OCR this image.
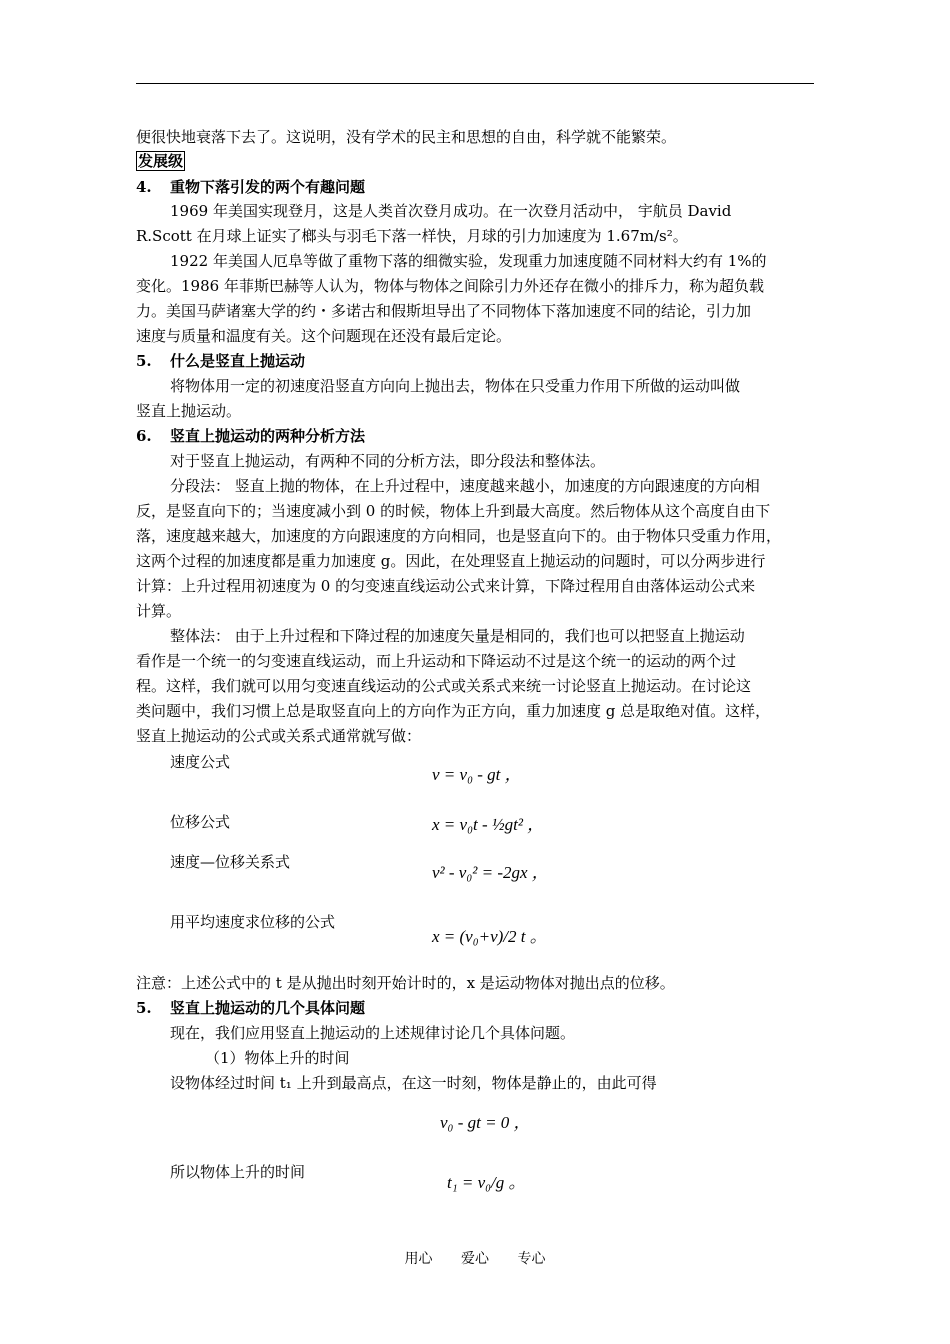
便很快地衰落下去了。这说明，没有学术的民主和思想的自由，科学就不能繁荣。
发展级
4. 重物下落引发的两个有趣问题
1969 年美国实现登月，这是人类首次登月成功。在一次登月活动中， 宇航员 David
R.Scott 在月球上证实了榔头与羽毛下落一样快，月球的引力加速度为 1.67m/s²。
1922 年美国人厄阜等做了重物下落的细微实验，发现重力加速度随不同材料大约有 1%的
变化。1986 年菲斯巴赫等人认为，物体与物体之间除引力外还存在微小的排斥力，称为超负载
力。美国马萨诸塞大学的约・多诺古和假斯坦导出了不同物体下落加速度不同的结论，引力加
速度与质量和温度有关。这个问题现在还没有最后定论。
5. 什么是竖直上抛运动
将物体用一定的初速度沿竖直方向向上抛出去，物体在只受重力作用下所做的运动叫做
竖直上抛运动。
6. 竖直上抛运动的两种分析方法
对于竖直上抛运动，有两种不同的分析方法，即分段法和整体法。
分段法： 竖直上抛的物体，在上升过程中，速度越来越小，加速度的方向跟速度的方向相
反，是竖直向下的；当速度减小到 0 的时候，物体上升到最大高度。然后物体从这个高度自由下
落，速度越来越大，加速度的方向跟速度的方向相同，也是竖直向下的。由于物体只受重力作用，
这两个过程的加速度都是重力加速度 g。因此，在处理竖直上抛运动的问题时，可以分两步进行
计算：上升过程用初速度为 0 的匀变速直线运动公式来计算，下降过程用自由落体运动公式来
计算。
整体法： 由于上升过程和下降过程的加速度矢量是相同的，我们也可以把竖直上抛运动
看作是一个统一的匀变速直线运动，而上升运动和下降运动不过是这个统一的运动的两个过
程。这样，我们就可以用匀变速直线运动的公式或关系式来统一讨论竖直上抛运动。在讨论这
类问题中，我们习惯上总是取竖直向上的方向作为正方向，重力加速度 g 总是取绝对值。这样，
竖直上抛运动的公式或关系式通常就写做：
速度公式
v = v₀ - gt ，
位移公式	x = v₀t - ½gt² ，
速度—位移关系式
v² - v₀² = -2gx ，
用平均速度求位移的公式
x = (v₀+v)/2 t 。
注意：上述公式中的 t 是从抛出时刻开始计时的，x 是运动物体对抛出点的位移。
5. 竖直上抛运动的几个具体问题
现在，我们应用竖直上抛运动的上述规律讨论几个具体问题。
（1）物体上升的时间
设物体经过时间 t₁ 上升到最高点，在这一时刻，物体是静止的，由此可得
v₀ - gt = 0 ，
所以物体上升的时间
t₁ = v₀/g 。
用心 爱心 专心
